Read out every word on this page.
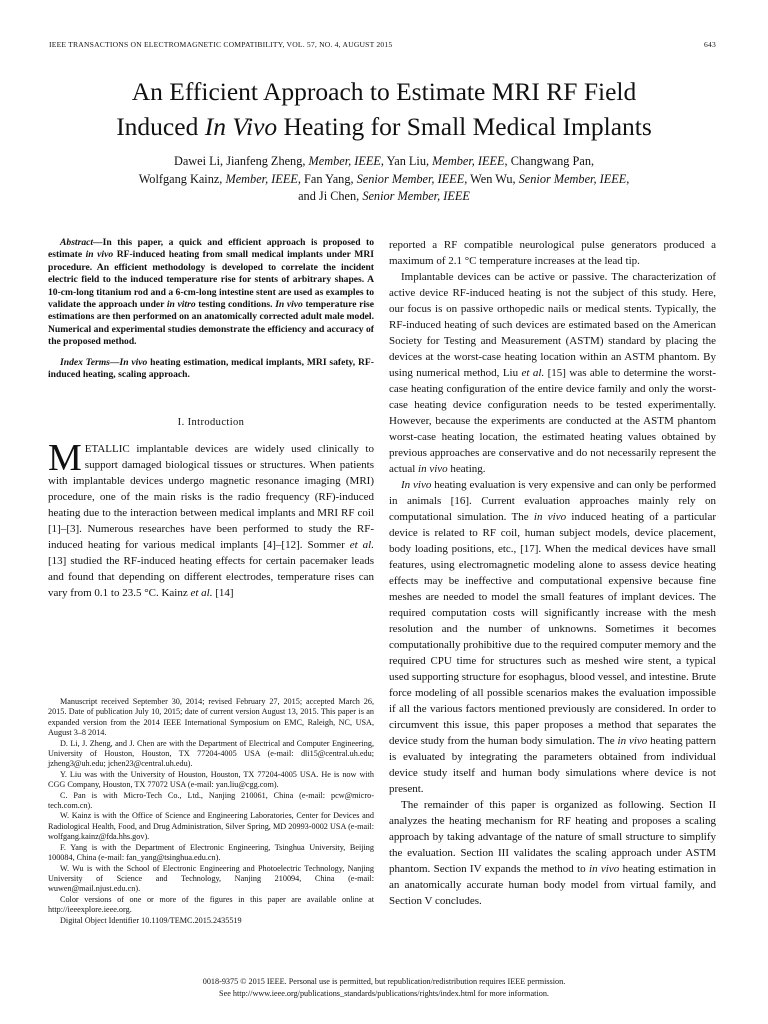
IEEE TRANSACTIONS ON ELECTROMAGNETIC COMPATIBILITY, VOL. 57, NO. 4, AUGUST 2015	643
An Efficient Approach to Estimate MRI RF Field
Induced In Vivo Heating for Small Medical Implants
Dawei Li, Jianfeng Zheng, Member, IEEE, Yan Liu, Member, IEEE, Changwang Pan,
Wolfgang Kainz, Member, IEEE, Fan Yang, Senior Member, IEEE, Wen Wu, Senior Member, IEEE,
and Ji Chen, Senior Member, IEEE

Abstract—In this paper, a quick and efficient approach is proposed to estimate in vivo RF-induced heating from small medical implants under MRI procedure. An efficient methodology is developed to correlate the incident electric field to the induced temperature rise for stents of arbitrary shapes. A 10-cm-long titanium rod and a 6-cm-long intestine stent are used as examples to validate the approach under in vitro testing conditions. In vivo temperature rise estimations are then performed on an anatomically corrected adult male model. Numerical and experimental studies demonstrate the efficiency and accuracy of the proposed method.

Index Terms—In vivo heating estimation, medical implants, MRI safety, RF-induced heating, scaling approach.

I. Introduction

METALLIC implantable devices are widely used clinically to support damaged biological tissues or structures. When patients with implantable devices undergo magnetic resonance imaging (MRI) procedure, one of the main risks is the radio frequency (RF)-induced heating due to the interaction between medical implants and MRI RF coil [1]–[3]. Numerous researches have been performed to study the RF-induced heating for various medical implants [4]–[12]. Sommer et al. [13] studied the RF-induced heating effects for certain pacemaker leads and found that depending on different electrodes, temperature rises can vary from 0.1 to 23.5 °C. Kainz et al. [14]

Manuscript received September 30, 2014; revised February 27, 2015; accepted March 26, 2015. Date of publication July 10, 2015; date of current version August 13, 2015. This paper is an expanded version from the 2014 IEEE International Symposium on EMC, Raleigh, NC, USA, August 3–8 2014.

D. Li, J. Zheng, and J. Chen are with the Department of Electrical and Computer Engineering, University of Houston, Houston, TX 77204-4005 USA (e-mail: dli15@central.uh.edu; jzheng3@uh.edu; jchen23@central.uh.edu).

Y. Liu was with the University of Houston, Houston, TX 77204-4005 USA. He is now with CGG Company, Houston, TX 77072 USA (e-mail: yan.liu@cgg.com).

C. Pan is with Micro-Tech Co., Ltd., Nanjing 210061, China (e-mail: pcw@micro-tech.com.cn).

W. Kainz is with the Office of Science and Engineering Laboratories, Center for Devices and Radiological Health, Food, and Drug Administration, Silver Spring, MD 20993-0002 USA (e-mail: wolfgang.kainz@fda.hhs.gov).

F. Yang is with the Department of Electronic Engineering, Tsinghua University, Beijing 100084, China (e-mail: fan_yang@tsinghua.edu.cn).

W. Wu is with the School of Electronic Engineering and Photoelectric Technology, Nanjing University of Science and Technology, Nanjing 210094, China (e-mail: wuwen@mail.njust.edu.cn).

Color versions of one or more of the figures in this paper are available online at http://ieeexplore.ieee.org.

Digital Object Identifier 10.1109/TEMC.2015.2435519

reported a RF compatible neurological pulse generators produced a maximum of 2.1 °C temperature increases at the lead tip.

Implantable devices can be active or passive. The characterization of active device RF-induced heating is not the subject of this study. Here, our focus is on passive orthopedic nails or medical stents. Typically, the RF-induced heating of such devices are estimated based on the American Society for Testing and Measurement (ASTM) standard by placing the devices at the worst-case heating location within an ASTM phantom. By using numerical method, Liu et al. [15] was able to determine the worst-case heating configuration of the entire device family and only the worst-case heating device configuration needs to be tested experimentally. However, because the experiments are conducted at the ASTM phantom worst-case heating location, the estimated heating values obtained by previous approaches are conservative and do not necessarily represent the actual in vivo heating.

In vivo heating evaluation is very expensive and can only be performed in animals [16]. Current evaluation approaches mainly rely on computational simulation. The in vivo induced heating of a particular device is related to RF coil, human subject models, device placement, body loading positions, etc., [17]. When the medical devices have small features, using electromagnetic modeling alone to assess device heating effects may be ineffective and computational expensive because fine meshes are needed to model the small features of implant devices. The required computation costs will significantly increase with the mesh resolution and the number of unknowns. Sometimes it becomes computationally prohibitive due to the required computer memory and the required CPU time for structures such as meshed wire stent, a typical used supporting structure for esophagus, blood vessel, and intestine. Brute force modeling of all possible scenarios makes the evaluation impossible if all the various factors mentioned previously are considered. In order to circumvent this issue, this paper proposes a method that separates the device study from the human body simulation. The in vivo heating pattern is evaluated by integrating the parameters obtained from individual device study itself and human body simulations where device is not present.

The remainder of this paper is organized as following. Section II analyzes the heating mechanism for RF heating and proposes a scaling approach by taking advantage of the nature of small structure to simplify the evaluation. Section III validates the scaling approach under ASTM phantom. Section IV expands the method to in vivo heating estimation in an anatomically accurate human body model from virtual family, and Section V concludes.

0018-9375 © 2015 IEEE. Personal use is permitted, but republication/redistribution requires IEEE permission.
See http://www.ieee.org/publications_standards/publications/rights/index.html for more information.
